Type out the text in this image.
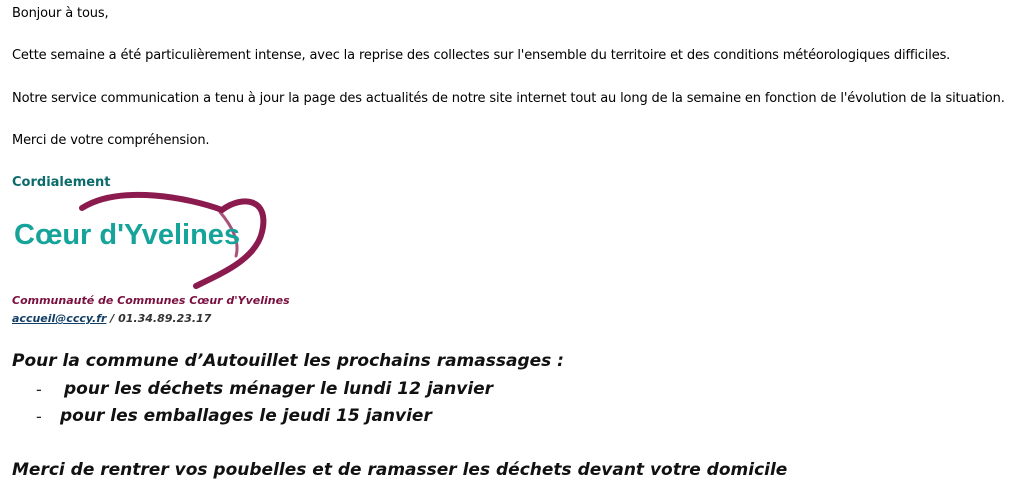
Bonjour à tous,
Cette semaine a été particulièrement intense, avec la reprise des collectes sur l'ensemble du territoire et des conditions météorologiques difficiles.
Notre service communication a tenu à jour la page des actualités de notre site internet tout au long de la semaine en fonction de l'évolution de la situation.
Merci de votre compréhension.
Cordialement
Cœur d'Yvelines
Communauté de Communes Cœur d'Yvelines
accueil@cccy.fr / 01.34.89.23.17
Pour la commune d’Autouillet les prochains ramassages :
- pour les déchets ménager le lundi 12 janvier
- pour les emballages le jeudi 15 janvier
Merci de rentrer vos poubelles et de ramasser les déchets devant votre domicile
